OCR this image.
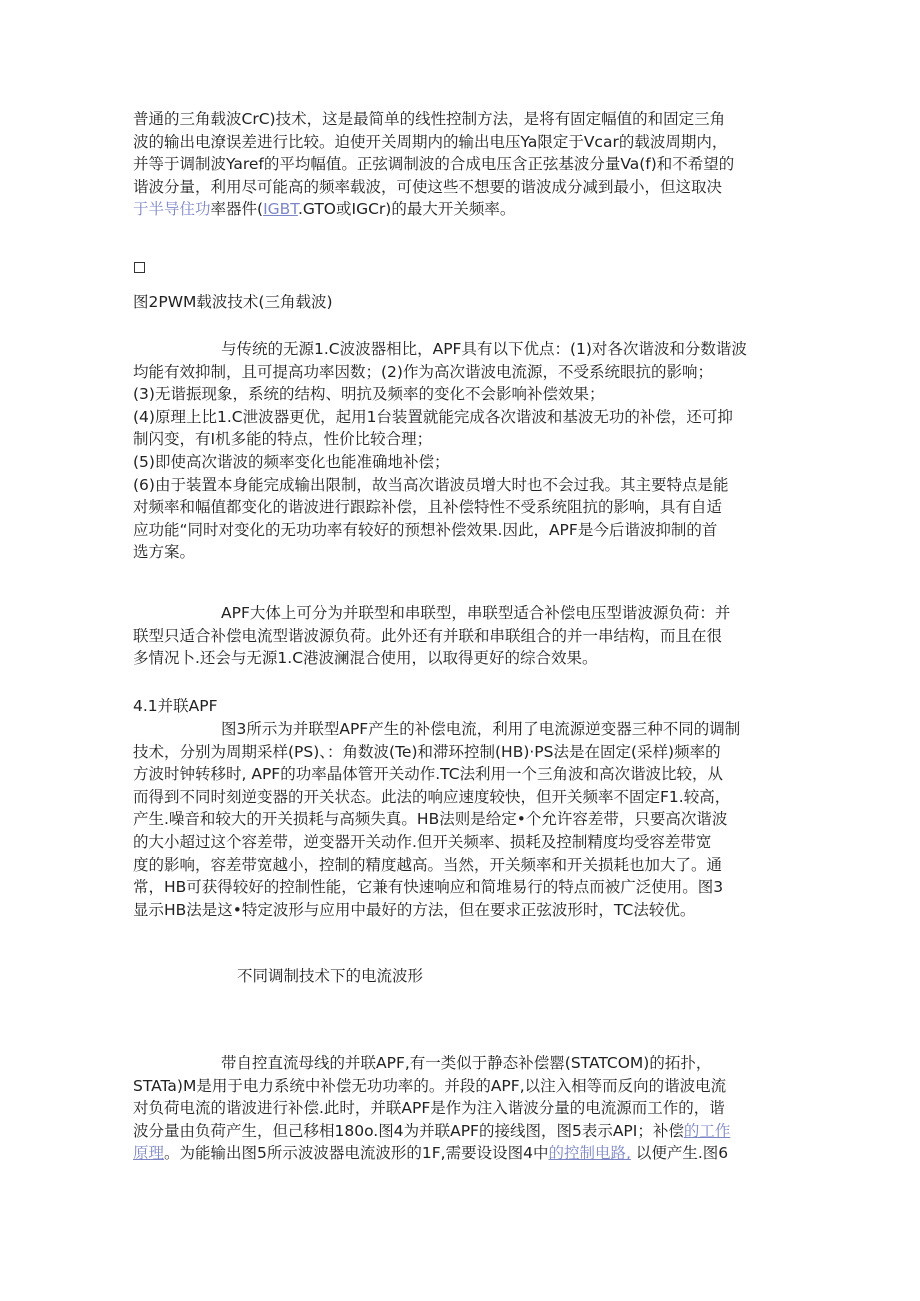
普通的三角载波CrC)技术，这是最简单的线性控制方法，是将有固定幅值的和固定三角
波的输出电潦误差进行比较。迫使开关周期内的输出电压Ya限定于Vcar的载波周期内，
并等于调制波Yaref的平均幅值。正弦调制波的合成电压含正弦基波分量Va(f)和不希望的
谐波分量，利用尽可能高的频率载波，可使这些不想要的谐波成分减到最小，但这取决
于半导住功率器件(IGBT.GTO或IGCr)的最大开关频率。

图2PWM载波技术(三角载波)

与传统的无源1.C波波器相比，APF具有以下优点：(1)对各次谐波和分数谐波
均能有效抑制，且可提高功率因数；(2)作为高次谐波电流源，不受系统眼抗的影响；
(3)无谐振现象，系统的结构、明抗及频率的变化不会影响补偿效果；
(4)原理上比1.C泄波器更优，起用1台装置就能完成各次谐波和基波无功的补偿，还可抑
制闪变，有I机多能的特点，性价比较合理；
(5)即使高次谐波的频率变化也能准确地补偿；
(6)由于装置本身能完成输出限制，故当高次谐波员增大时也不会过我。其主要特点是能
对频率和幅值都变化的谐波进行跟踪补偿，且补偿特性不受系统阻抗的影响，具有自适
应功能“同时对变化的无功功率有较好的预想补偿效果.因此，APF是今后谐波抑制的首
选方案。

APF大体上可分为并联型和串联型，串联型适合补偿电压型谐波源负荷：并
联型只适合补偿电流型谐波源负荷。此外还有并联和串联组合的并一串结构，而且在很
多情况卜.还会与无源1.C港波澜混合使用，以取得更好的综合效果。

4.1并联APF

图3所示为并联型APF产生的补偿电流，利用了电流源逆变器三种不同的调制
技术，分别为周期采样(PS)、：角数波(Te)和滞环控制(HB)·PS法是在固定(采样)频率的
方波时钟转移时, APF的功率晶体管开关动作.TC法利用一个三角波和高次谐波比较，从
而得到不同时刻逆变器的开关状态。此法的响应速度较快，但开关频率不固定F1.较高，
产生.噪音和较大的开关损耗与高频失真。HB法则是给定•个允许容差带，只要高次谐波
的大小超过这个容差带，逆变器开关动作.但开关频率、损耗及控制精度均受容差带宽
度的影响，容差带宽越小，控制的精度越高。当然，开关频率和开关损耗也加大了。通
常，HB可获得较好的控制性能，它兼有快速响应和简堆易行的特点而被广泛使用。图3
显示HB法是这•特定波形与应用中最好的方法，但在要求正弦波形时，TC法较优。

不同调制技术下的电流波形

带自控直流母线的并联APF,有一类似于静态补偿罂(STATCOM)的拓扑，
STATa)M是用于电力系统中补偿无功功率的。并段的APF,以注入相等而反向的谐波电流
对负荷电流的谐波进行补偿.此时，并联APF是作为注入谐波分量的电流源而工作的，谐
波分量由负荷产生，但己移相180o.图4为并联APF的接线图，图5表示API；补偿的工作
原理。为能输出图5所示波波器电流波形的1F,需要设设图4中的控制电路, 以便产生.图6
